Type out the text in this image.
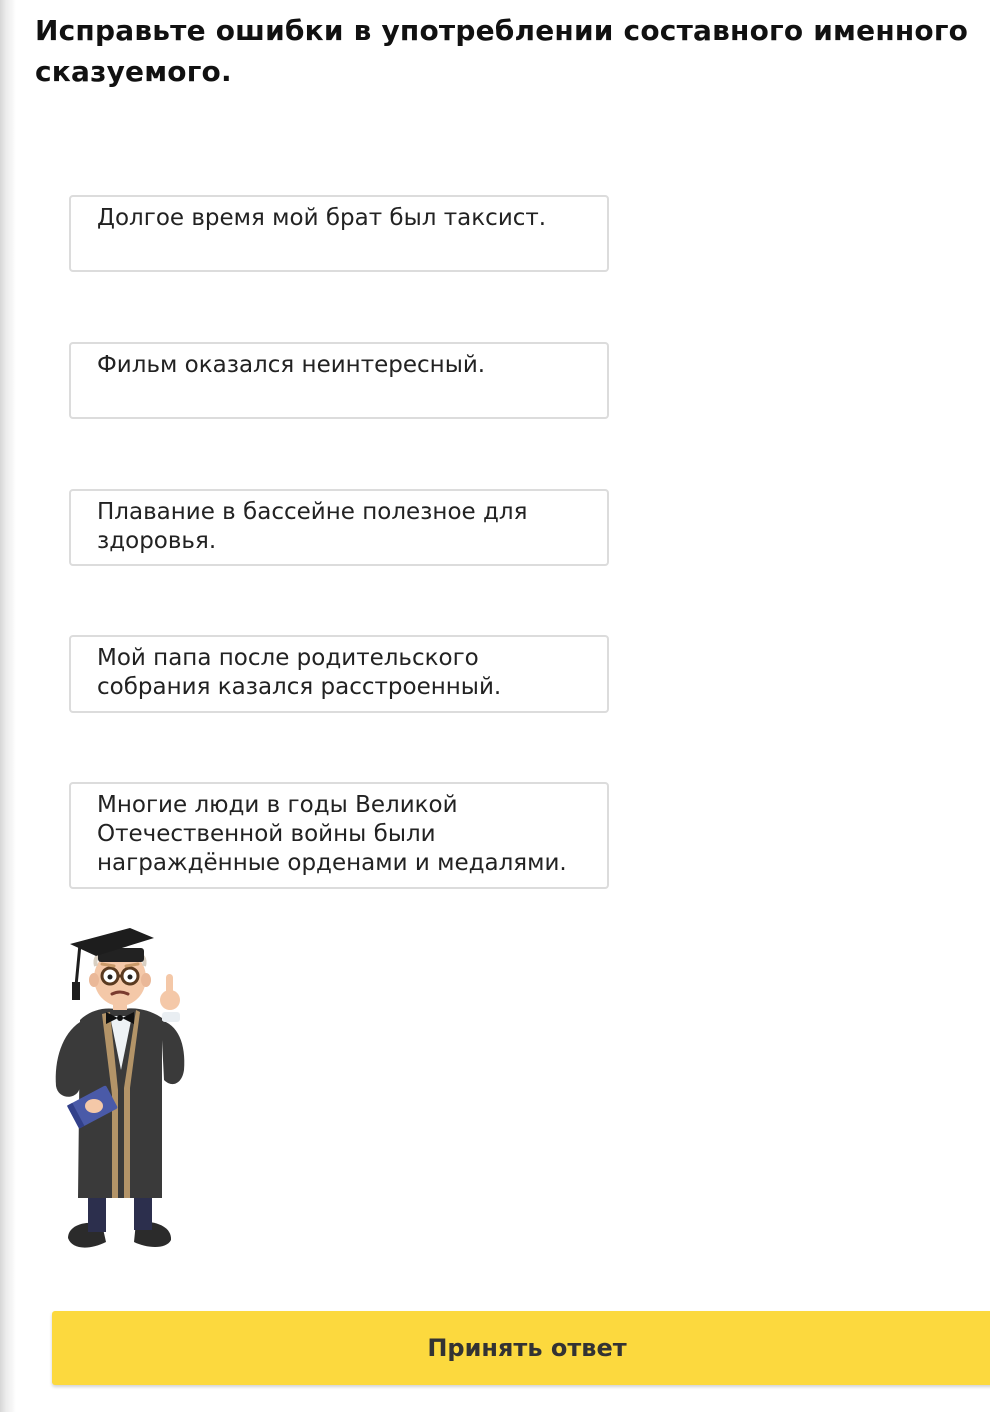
Исправьте ошибки в употреблении составного именного сказуемого.
Долгое время мой брат был таксист.
Фильм оказался неинтересный.
Плавание в бассейне полезное для здоровья.
Мой папа после родительского собрания казался расстроенный.
Многие люди в годы Великой Отечественной войны были награждённые орденами и медалями.
Принять ответ
